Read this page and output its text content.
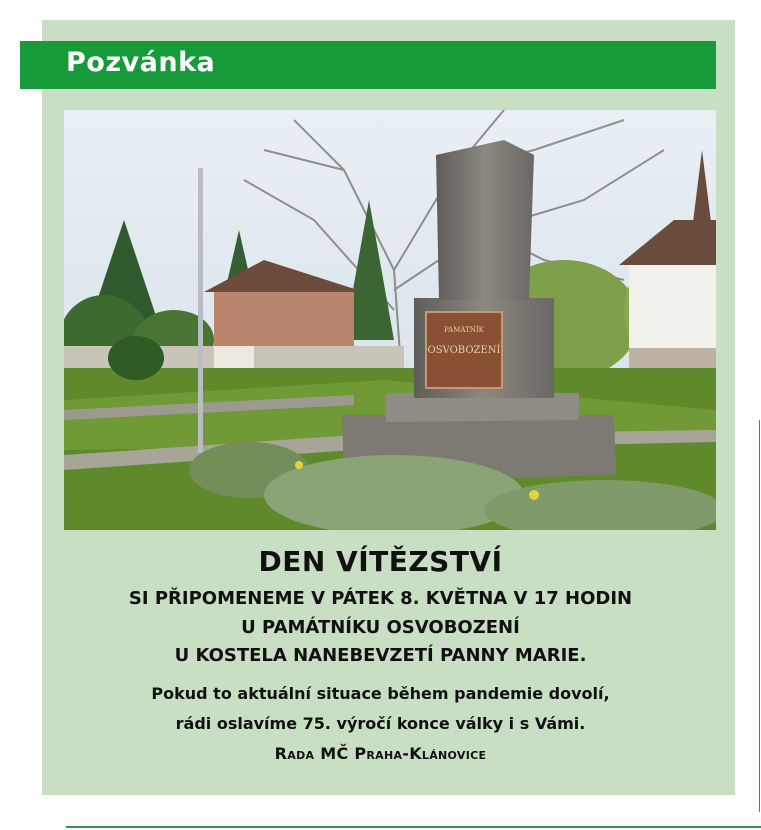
Pozvánka
PAMÁTNÍK
OSVOBOZENÍ
DEN VÍTĚZSTVÍ
SI PŘIPOMENEME V PÁTEK 8. KVĚTNA V 17 HODIN
U PAMÁTNÍKU OSVOBOZENÍ
U KOSTELA NANEBEVZETÍ PANNY MARIE.
Pokud to aktuální situace během pandemie dovolí,
rádi oslavíme 75. výročí konce války i s Vámi.
Rada MČ Praha-Klánovice
